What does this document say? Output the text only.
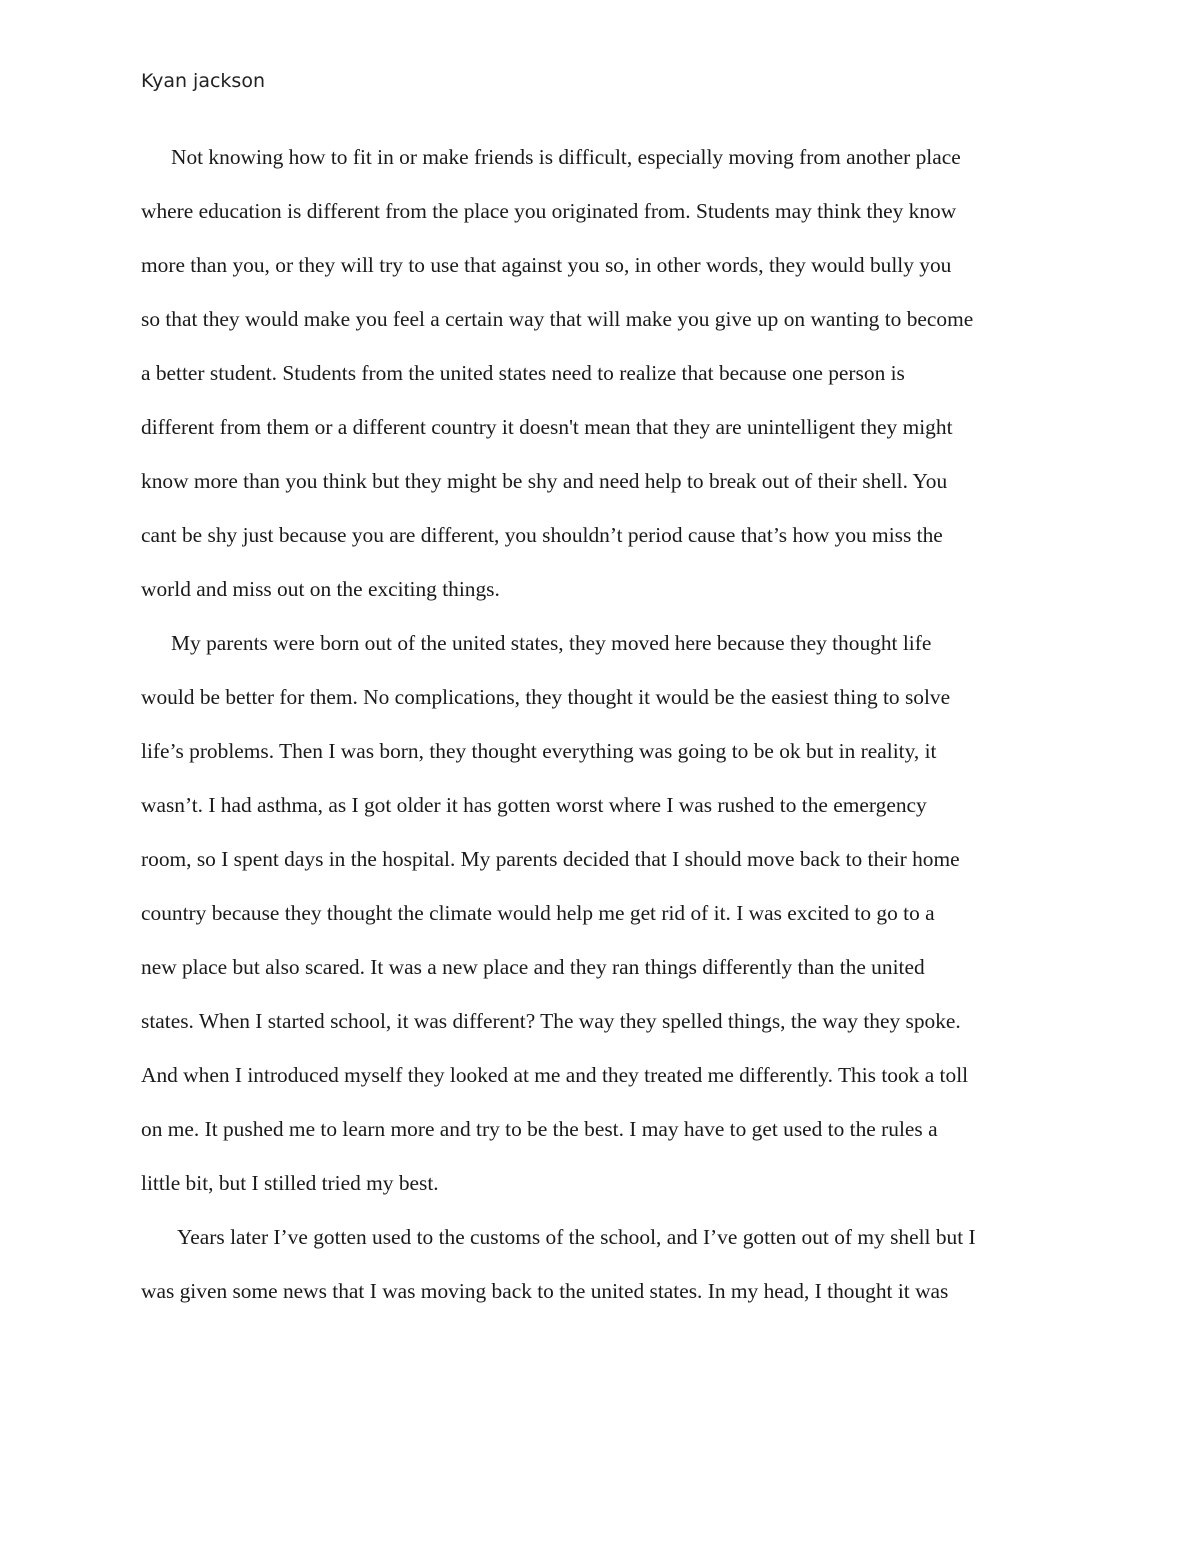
Kyan jackson
Not knowing how to fit in or make friends is difficult, especially moving from another place
where education is different from the place you originated from. Students may think they know
more than you, or they will try to use that against you so, in other words, they would bully you
so that they would make you feel a certain way that will make you give up on wanting to become
a better student. Students from the united states need to realize that because one person is
different from them or a different country it doesn't mean that they are unintelligent they might
know more than you think but they might be shy and need help to break out of their shell. You
cant be shy just because you are different, you shouldn’t period cause that’s how you miss the
world and miss out on the exciting things.
My parents were born out of the united states, they moved here because they thought life
would be better for them. No complications, they thought it would be the easiest thing to solve
life’s problems. Then I was born, they thought everything was going to be ok but in reality, it
wasn’t. I had asthma, as I got older it has gotten worst where I was rushed to the emergency
room, so I spent days in the hospital. My parents decided that I should move back to their home
country because they thought the climate would help me get rid of it. I was excited to go to a
new place but also scared. It was a new place and they ran things differently than the united
states. When I started school, it was different? The way they spelled things, the way they spoke.
And when I introduced myself they looked at me and they treated me differently. This took a toll
on me. It pushed me to learn more and try to be the best. I may have to get used to the rules a
little bit, but I stilled tried my best.
Years later I’ve gotten used to the customs of the school, and I’ve gotten out of my shell but I
was given some news that I was moving back to the united states. In my head, I thought it was
